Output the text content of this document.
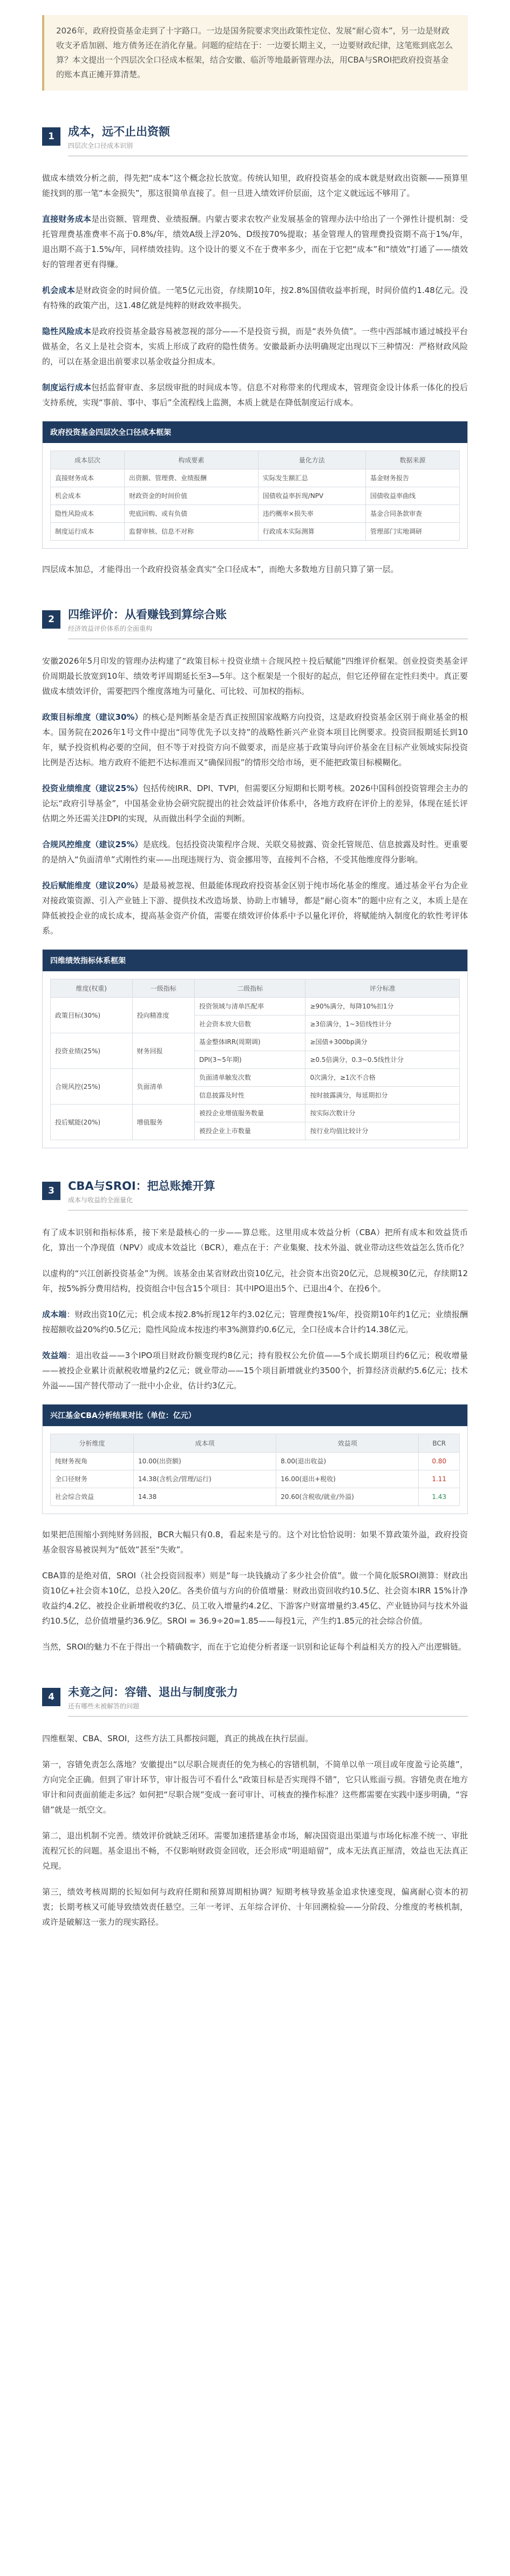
2026年，政府投资基金走到了十字路口。一边是国务院要求突出政策性定位、发展“耐心资本”，另一边是财政收支矛盾加剧、地方债务还在消化存量。问题的症结在于：一边要长期主义，一边要财政纪律，这笔账到底怎么算？本文提出一个四层次全口径成本框架，结合安徽、临沂等地最新管理办法，用CBA与SROI把政府投资基金的账本真正摊开算清楚。
1	成本，远不止出资额
四层次全口径成本识别

做成本绩效分析之前，得先把“成本”这个概念拉长放宽。传统认知里，政府投资基金的成本就是财政出资额——预算里能找到的那一笔“本金损失”，那这很简单直接了。但一旦进入绩效评价层面，这个定义就远远不够用了。

直接财务成本是出资额、管理费、业绩报酬。内蒙古要求农牧产业发展基金的管理办法中给出了一个弹性计提机制：受托管理费基准费率不高于0.8%/年，绩效A级上浮20%、D级按70%提取；基金管理人的管理费投资期不高于1%/年，退出期不高于1.5%/年，同样绩效挂钩。这个设计的要义不在于费率多少，而在于它把“成本”和“绩效”打通了——绩效好的管理者更有得赚。

机会成本是财政资金的时间价值。一笔5亿元出资，存续期10年，按2.8%国债收益率折现，时间价值约1.48亿元。没有特殊的政策产出，这1.48亿就是纯粹的财政效率损失。

隐性风险成本是政府投资基金最容易被忽视的部分——不是投资亏损，而是“表外负债”。一些中西部城市通过城投平台做基金，名义上是社会资本，实质上形成了政府的隐性债务。安徽最新办法明确规定出现以下三种情况：严格财政风险的，可以在基金退出前要求以基金收益分担成本。

制度运行成本包括监督审查、多层级审批的时间成本等。信息不对称带来的代理成本，管理资金设计体系一体化的投后支持系统，实现“事前、事中、事后”全流程线上监测，本质上就是在降低制度运行成本。

政府投资基金四层次全口径成本框架
成本层次	构成要素	量化方法	数据来源
直接财务成本	出资额、管理费、业绩报酬	实际发生额汇总	基金财务报告
机会成本	财政资金的时间价值	国债收益率折现/NPV	国债收益率曲线
隐性风险成本	兜底回购、或有负债	违约概率×损失率	基金合同条款审查
制度运行成本	监督审核、信息不对称	行政成本实际测算	管理部门实地调研

四层成本加总，才能得出一个政府投资基金真实“全口径成本”，而绝大多数地方目前只算了第一层。

2	四维评价：从看赚钱到算综合账
经济效益评价体系的全面重构

安徽2026年5月印发的管理办法构建了“政策目标＋投资业绩＋合规风控＋投后赋能”四维评价框架。创业投资类基金评价周期最长放宽到10年、绩效考评周期延长至3—5年。这个框架是一个很好的起点，但它还停留在定性归类中。真正要做成本绩效评价，需要把四个维度落地为可量化、可比较、可加权的指标。

政策目标维度（建议30%）的核心是判断基金是否真正按照国家战略方向投资，这是政府投资基金区别于商业基金的根本。国务院在2026年1号文件中提出“同等优先予以支持”的战略性新兴产业资本项目比例要求。投资回报期延长到10年，赋予投资机构必要的空间，但不等于对投资方向不做要求，而是应基于政策导向评价基金在目标产业领域实际投资比例是否达标。地方政府不能把不达标准而又“确保回报”的情形交给市场，更不能把政策目标模糊化。

投资业绩维度（建议25%）包括传统IRR、DPI、TVPI，但需要区分短期和长期考核。2026中国科创投资管理会主办的论坛“政府引导基金”，中国基金业协会研究院提出的社会效益评价体系中，各地方政府在评价上的差异，体现在延长评估期之外还需关注DPI的实现，从而做出科学全面的判断。

合规风控维度（建议25%）是底线。包括投资决策程序合规、关联交易披露、资金托管规范、信息披露及时性。更重要的是纳入“负面清单”式刚性约束——出现违规行为、资金挪用等，直接判不合格，不受其他维度得分影响。

投后赋能维度（建议20%）是最易被忽视、但最能体现政府投资基金区别于纯市场化基金的维度。通过基金平台为企业对接政策资源、引入产业链上下游、提供技术改造场景、协助上市辅导，都是“耐心资本”的题中应有之义，本质上是在降低被投企业的成长成本，提高基金资产价值，需要在绩效评价体系中予以量化评价，将赋能纳入制度化的软性考评体系。

四维绩效指标体系框架
维度(权重)	一级指标	二级指标	评分标准
政策目标(30%)	投向精准度	投资领域与清单匹配率	≥90%满分，每降10%扣1分
		社会资本放大倍数	≥3倍满分，1~3倍线性计分
投资业绩(25%)	财务回报	基金整体IRR(周期调)	≥国债+300bp满分
		DPI(3~5年期)	≥0.5倍满分，0.3~0.5线性计分
合规风控(25%)	负面清单	负面清单触发次数	0次满分，≥1次不合格
		信息披露及时性	按时披露满分，每延期扣分
投后赋能(20%)	增值服务	被投企业增值服务数量	按实际次数计分
		被投企业上市数量	按行业均值比较计分
3	CBA与SROI：把总账摊开算
成本与收益的全面量化

有了成本识别和指标体系，接下来是最核心的一步——算总账。这里用成本效益分析（CBA）把所有成本和效益货币化，算出一个净现值（NPV）或成本效益比（BCR），难点在于：产业集聚、技术外溢、就业带动这些效益怎么货币化？

以虚构的“兴江创新投资基金”为例。该基金由某省财政出资10亿元，社会资本出资20亿元，总规模30亿元，存续期12年，按5%拆分费用结构，投资组合中包含15个项目：其中IPO退出5个、已退出4个、在投6个。

成本端：财政出资10亿元；机会成本按2.8%折现12年约3.02亿元；管理费按1%/年，投资期10年约1亿元；业绩报酬按超额收益20%约0.5亿元；隐性风险成本按违约率3%测算约0.6亿元，全口径成本合计约14.38亿元。

效益端：退出收益——3个IPO项目财政份额变现约8亿元；持有股权公允价值——5个成长期项目约6亿元；税收增量——被投企业累计贡献税收增量约2亿元；就业带动——15个项目新增就业约3500个，折算经济贡献约5.6亿元；技术外溢——国产替代带动了一批中小企业，估计约3亿元。

兴江基金CBA分析结果对比（单位：亿元）
分析维度	成本项	效益项	BCR
纯财务视角	10.00(出资额)	8.00(退出收益)	0.80
全口径财务	14.38(含机会/管理/运行)	16.00(退出+税收)	1.11
社会综合效益	14.38	20.60(含税收/就业/外溢)	1.43

如果把范围缩小到纯财务回报，BCR大幅只有0.8，看起来是亏的。这个对比恰恰说明：如果不算政策外溢，政府投资基金很容易被误判为“低效”甚至“失败”。

CBA算的是绝对值，SROI（社会投资回报率）则是“每一块钱撬动了多少社会价值”。做一个简化版SROI测算：财政出资10亿+社会资本10亿，总投入20亿。各类价值与方向的价值增量：财政出资回收约10.5亿、社会资本IRR 15%计净收益约4.2亿、被投企业新增税收约3亿、员工收入增量约4.2亿、下游客户财富增量约3.45亿、产业链协同与技术外溢约10.5亿，总价值增量约36.9亿。SROI = 36.9÷20=1.85——每投1元，产生约1.85元的社会综合价值。

当然，SROI的魅力不在于得出一个精确数字，而在于它迫使分析者逐一识别和论证每个利益相关方的投入产出逻辑链。

4	未竟之问：容错、退出与制度张力
还有哪些未被解答的问题

四维框架、CBA、SROI，这些方法工具都按问题，真正的挑战在执行层面。

第一，容错免责怎么落地？安徽提出“以尽职合规责任的免为核心的容错机制，不简单以单一项目或年度盈亏论英雄”，方向完全正确。但到了审计环节，审计报告可不看什么“政策目标是否实现得不错”，它只认账面亏损。容错免责在地方审计和问责面前能走多远？如何把“尽职合规”变成一套可审计、可核查的操作标准？这些都需要在实践中逐步明确，“容错”就是一纸空文。

第二，退出机制不完善。绩效评价就缺乏闭环。需要加速搭建基金市场，解决国资退出渠道与市场化标准不统一、审批流程冗长的问题。基金退出不畅，不仅影响财政资金回收，还会形成“明退暗留”，成本无法真正厘清，效益也无法真正兑现。

第三，绩效考核周期的长短如何与政府任期和预算周期相协调？短期考核导致基金追求快速变现，偏离耐心资本的初衷；长期考核又可能导致绩效责任悬空。三年一考评、五年综合评价、十年回溯检验——分阶段、分维度的考核机制，或许是破解这一张力的现实路径。
